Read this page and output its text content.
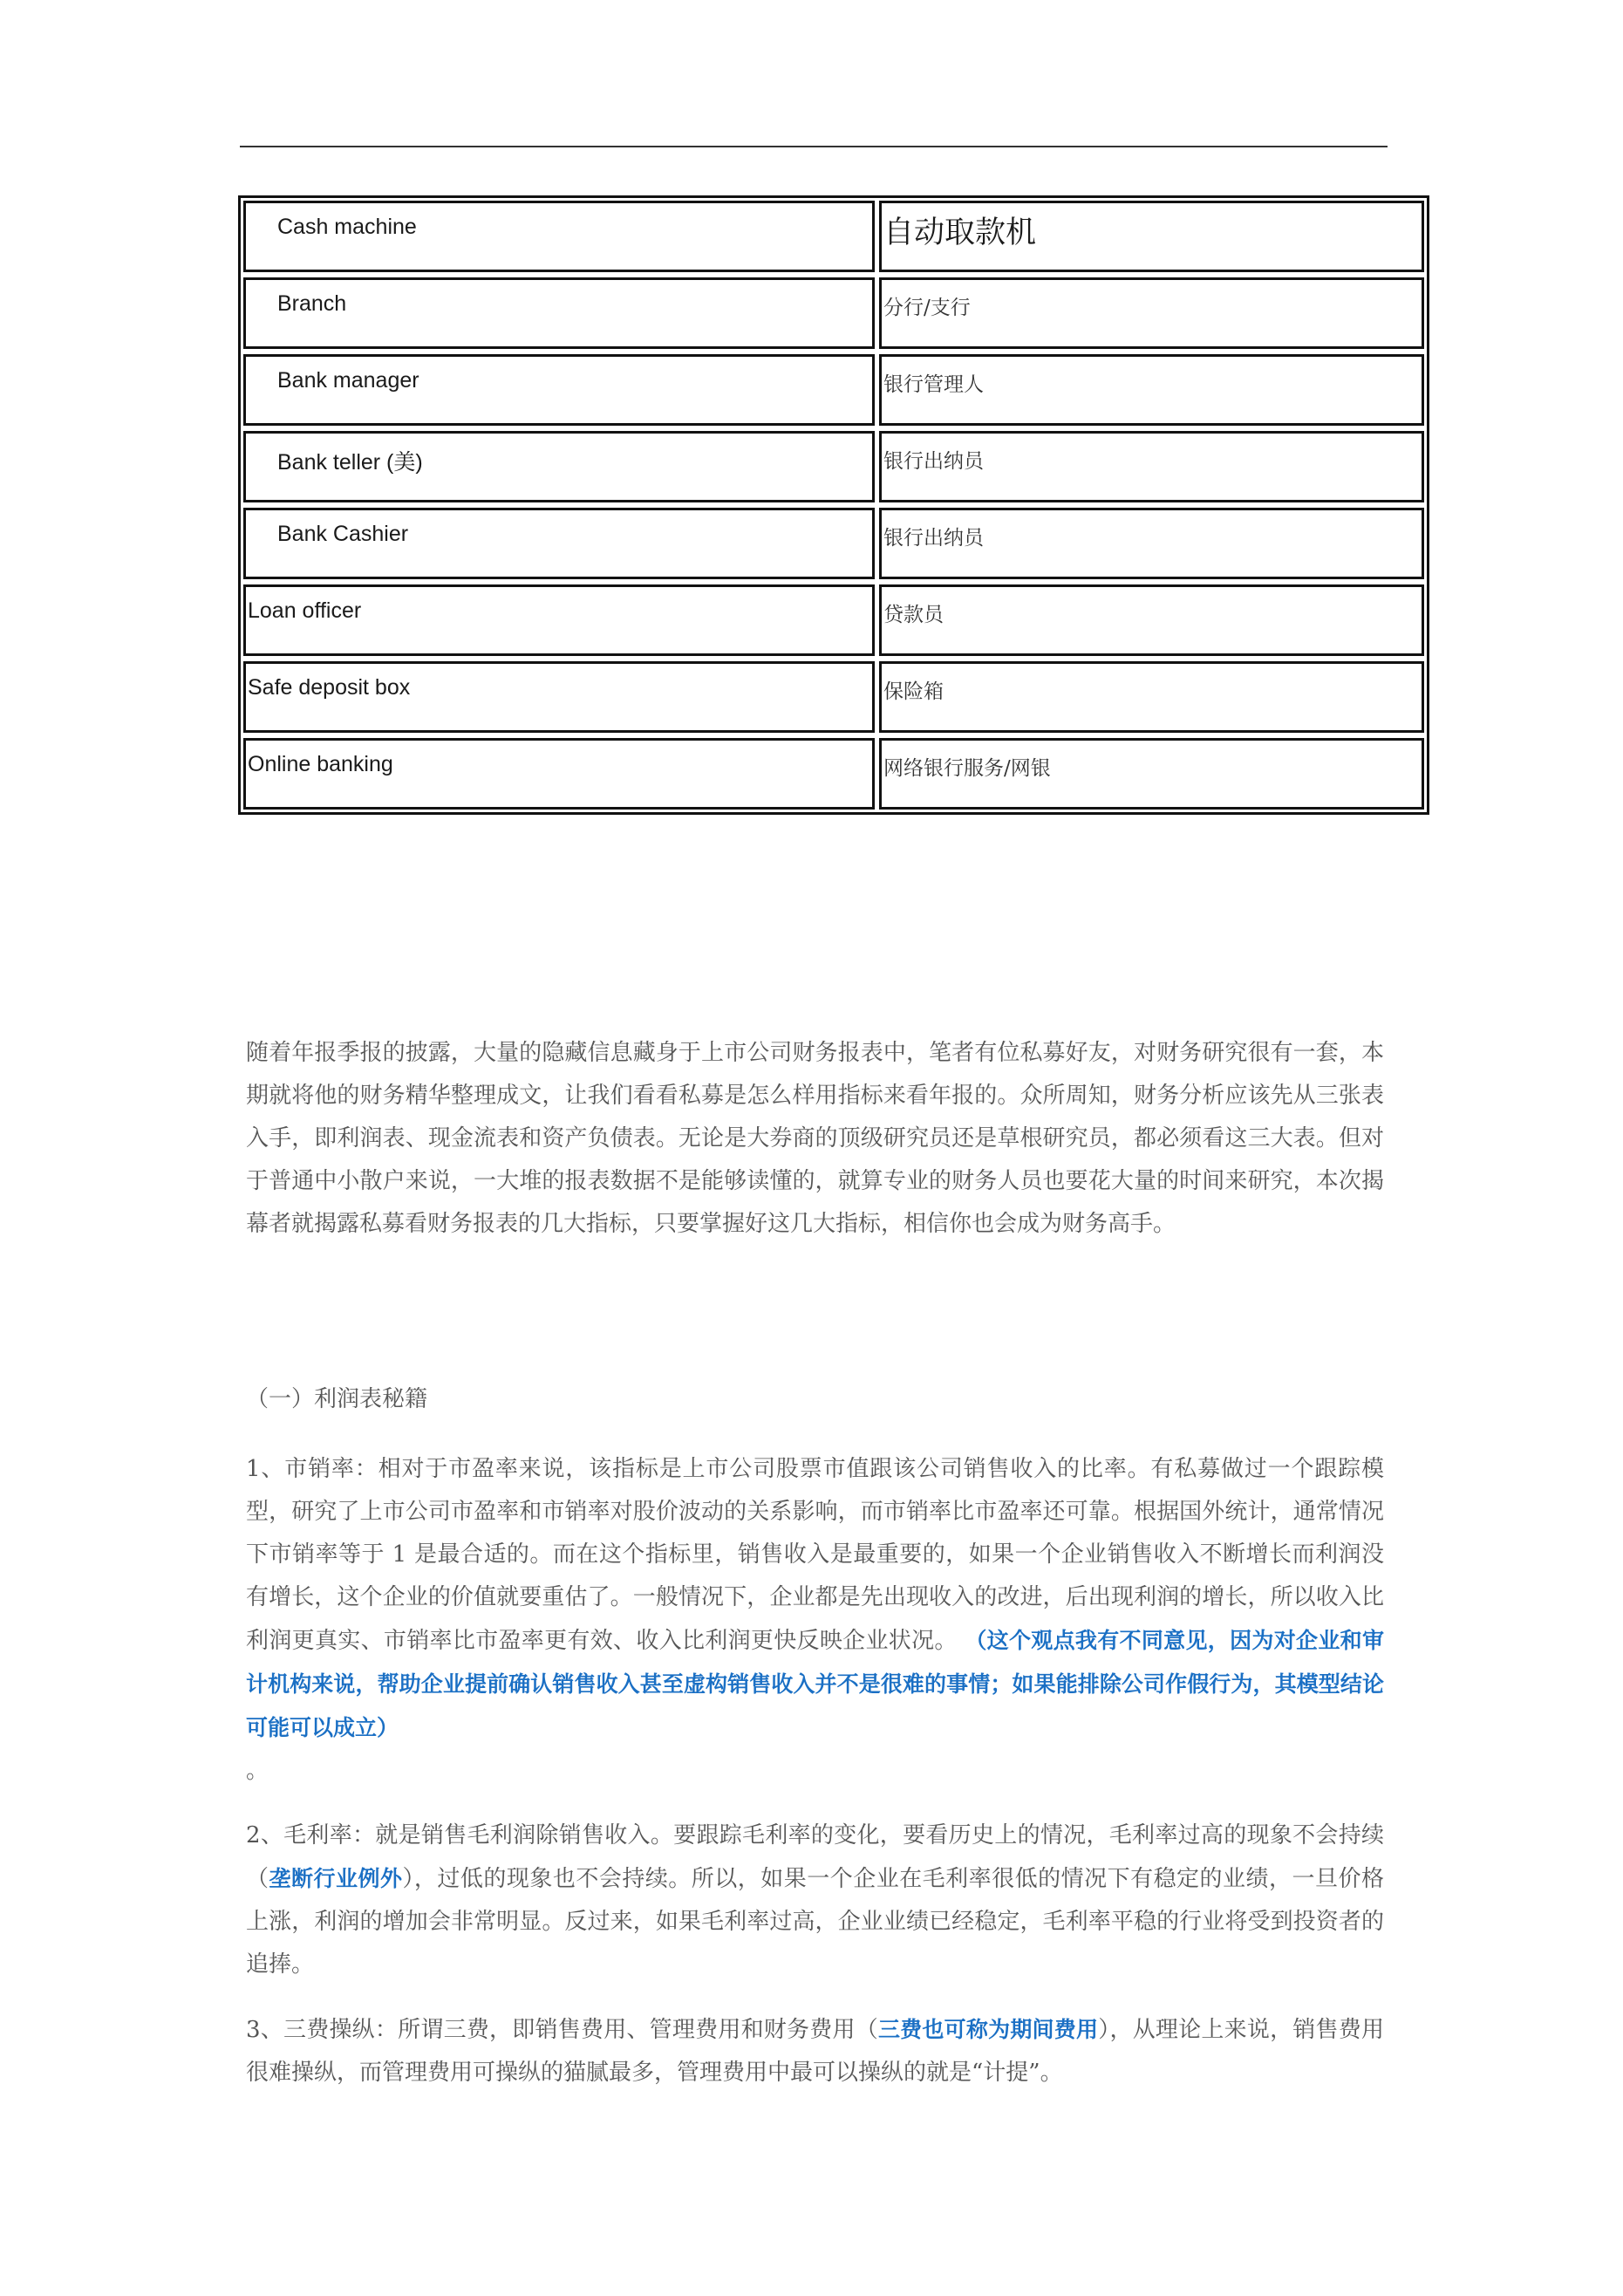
Cash machine	自动取款机
Branch	分行/支行
Bank manager	银行管理人
Bank teller (美)	银行出纳员
Bank Cashier	银行出纳员
Loan officer	贷款员
Safe deposit box	保险箱
Online banking	网络银行服务/网银

随着年报季报的披露，大量的隐藏信息藏身于上市公司财务报表中，笔者有位私募好友，对财务研究很有一套，本期就将他的财务精华整理成文，让我们看看私募是怎么样用指标来看年报的。众所周知，财务分析应该先从三张表入手，即利润表、现金流表和资产负债表。无论是大券商的顶级研究员还是草根研究员，都必须看这三大表。但对于普通中小散户来说，一大堆的报表数据不是能够读懂的，就算专业的财务人员也要花大量的时间来研究，本次揭幕者就揭露私募看财务报表的几大指标，只要掌握好这几大指标，相信你也会成为财务高手。

（一）利润表秘籍

1、市销率：相对于市盈率来说，该指标是上市公司股票市值跟该公司销售收入的比率。有私募做过一个跟踪模型，研究了上市公司市盈率和市销率对股价波动的关系影响，而市销率比市盈率还可靠。根据国外统计，通常情况下市销率等于 1 是最合适的。而在这个指标里，销售收入是最重要的，如果一个企业销售收入不断增长而利润没有增长，这个企业的价值就要重估了。一般情况下，企业都是先出现收入的改进，后出现利润的增长，所以收入比利润更真实、市销率比市盈率更有效、收入比利润更快反映企业状况。 （这个观点我有不同意见，因为对企业和审计机构来说，帮助企业提前确认销售收入甚至虚构销售收入并不是很难的事情；如果能排除公司作假行为，其模型结论可能可以成立）
。

2、毛利率：就是销售毛利润除销售收入。要跟踪毛利率的变化，要看历史上的情况，毛利率过高的现象不会持续（垄断行业例外），过低的现象也不会持续。所以，如果一个企业在毛利率很低的情况下有稳定的业绩，一旦价格上涨，利润的增加会非常明显。反过来，如果毛利率过高，企业业绩已经稳定，毛利率平稳的行业将受到投资者的追捧。

3、三费操纵：所谓三费，即销售费用、管理费用和财务费用（三费也可称为期间费用），从理论上来说，销售费用很难操纵，而管理费用可操纵的猫腻最多，管理费用中最可以操纵的就是“计提”。
